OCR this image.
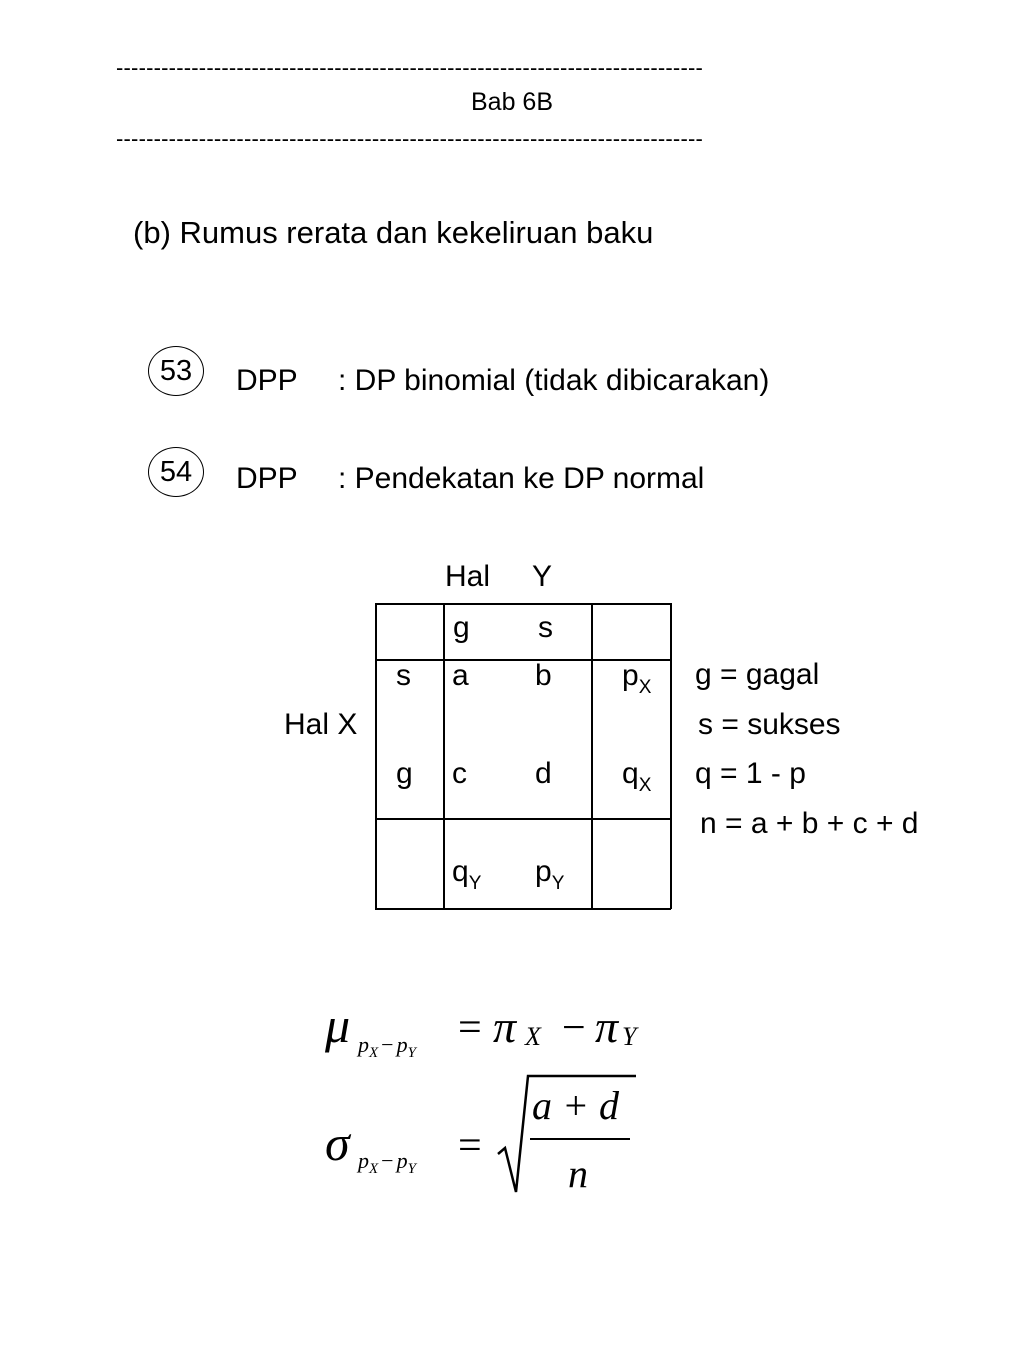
------------------------------------------------------------------------------
Bab 6B
------------------------------------------------------------------------------
(b) Rumus rerata dan kekeliruan baku
53	DPP : DP binomial (tidak dibicarakan)
54	DPP : Pendekatan ke DP normal
Hal Y
Hal X
g s
s a b $p_X$
g c d $q_X$
$q_Y$ $p_Y$
g = gagal
s = sukses
q = 1 - p
n = a + b + c + d
μ $p_X - p_Y$
= π X − π Y
σ $p_X - p_Y$ =
a + d
n
